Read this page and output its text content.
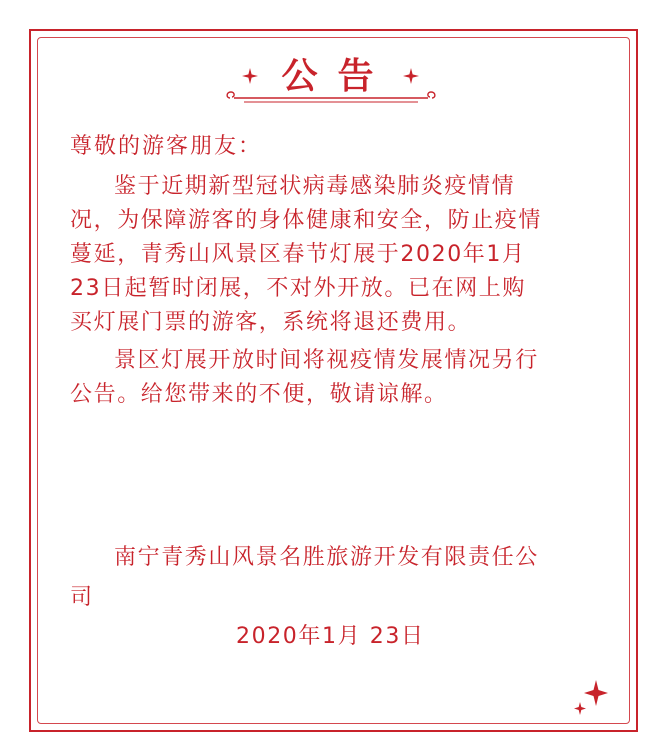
公告
尊敬的游客朋友：

鉴于近期新型冠状病毒感染肺炎疫情情

况，为保障游客的身体健康和安全，防止疫情

蔓延，青秀山风景区春节灯展于2020年1月

23日起暂时闭展，不对外开放。已在网上购

买灯展门票的游客，系统将退还费用。

景区灯展开放时间将视疫情发展情况另行

公告。给您带来的不便，敬请谅解。

南宁青秀山风景名胜旅游开发有限责任公
司
2020年1月 23日
